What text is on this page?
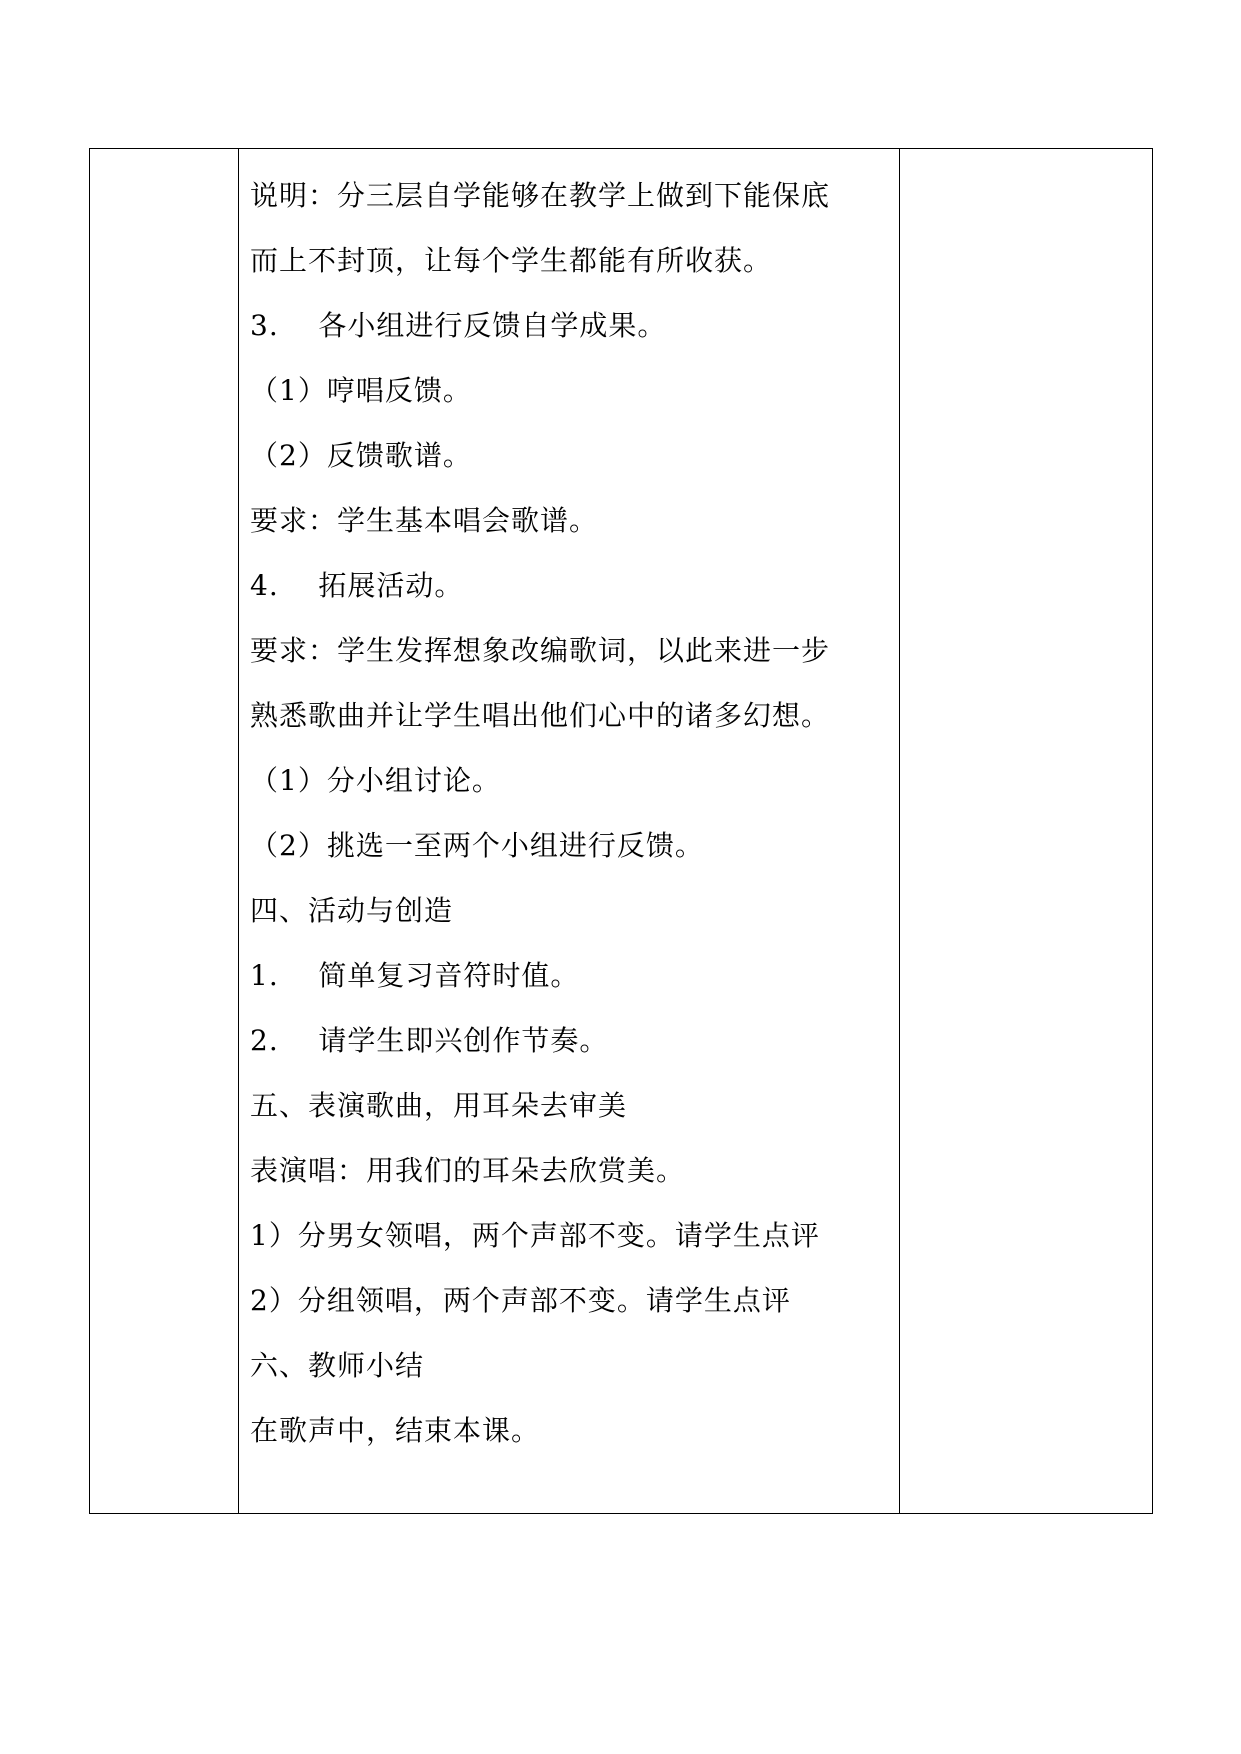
说明：分三层自学能够在教学上做到下能保底
而上不封顶，让每个学生都能有所收获。
3.    各小组进行反馈自学成果。
（1）哼唱反馈。
（2）反馈歌谱。
要求：学生基本唱会歌谱。
4.    拓展活动。
要求：学生发挥想象改编歌词，以此来进一步
熟悉歌曲并让学生唱出他们心中的诸多幻想。
（1）分小组讨论。
（2）挑选一至两个小组进行反馈。
四、活动与创造
1.    简单复习音符时值。
2.    请学生即兴创作节奏。
五、表演歌曲，用耳朵去审美
表演唱：用我们的耳朵去欣赏美。
1）分男女领唱，两个声部不变。请学生点评
2）分组领唱，两个声部不变。请学生点评
六、教师小结
在歌声中，结束本课。
